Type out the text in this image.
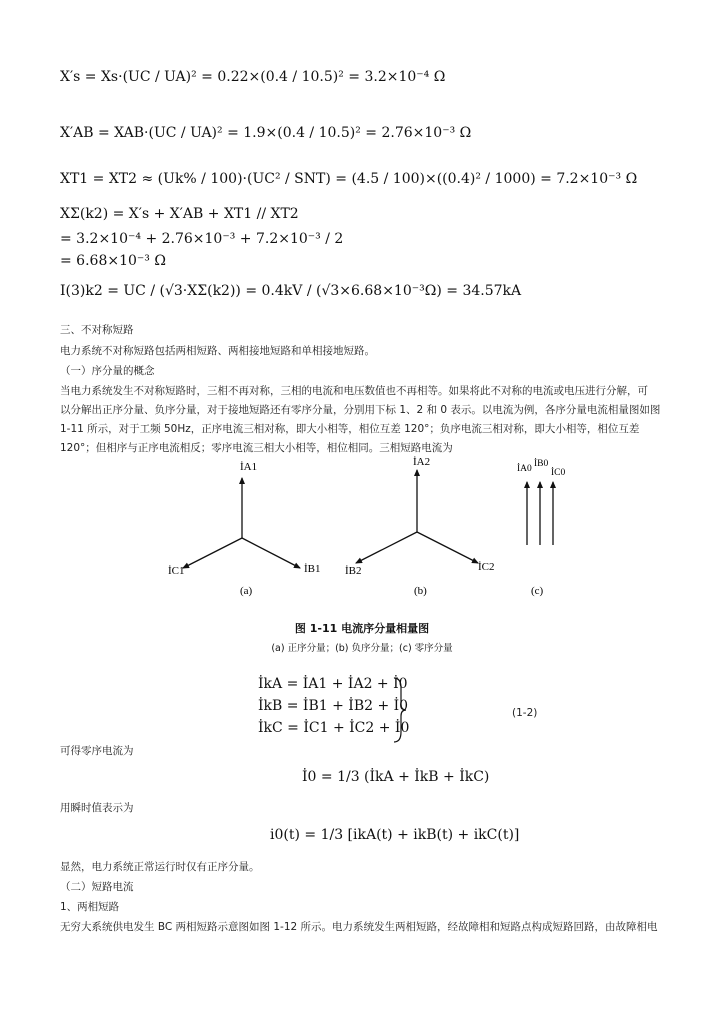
X′s = Xs·(UC / UA)² = 0.22×(0.4 / 10.5)² = 3.2×10⁻⁴ Ω
X′AB = XAB·(UC / UA)² = 1.9×(0.4 / 10.5)² = 2.76×10⁻³ Ω
XT1 = XT2 ≈ (Uk% / 100)·(UC² / SNT) = (4.5 / 100)×((0.4)² / 1000) = 7.2×10⁻³ Ω
XΣ(k2) = X′s + X′AB + XT1 // XT2
= 3.2×10⁻⁴ + 2.76×10⁻³ + 7.2×10⁻³ / 2
= 6.68×10⁻³ Ω
I(3)k2 = UC / (√3·XΣ(k2)) = 0.4kV / (√3×6.68×10⁻³Ω) = 34.57kA
三、不对称短路
电力系统不对称短路包括两相短路、两相接地短路和单相接地短路。
（一）序分量的概念
当电力系统发生不对称短路时，三相不再对称，三相的电流和电压数值也不再相等。如果将此不对称的电流或电压进行分解，可
以分解出正序分量、负序分量，对于接地短路还有零序分量，分别用下标 1、2 和 0 表示。以电流为例，各序分量电流相量图如图
1-11 所示，对于工频 50Hz，正序电流三相对称，即大小相等，相位互差 120°；负序电流三相对称，即大小相等，相位互差
120°；但相序与正序电流相反；零序电流三相大小相等，相位相同。三相短路电流为
İA1
İC1	İB1
(a)
İA2
İB2	İC2
(b)
İA0 İB0
İC0
(c)
图 1-11 电流序分量相量图
(a) 正序分量；(b) 负序分量；(c) 零序分量
İkA = İA1 + İA2 + İ0
İkB = İB1 + İB2 + İ0
İkC = İC1 + İC2 + İ0
(1-2)
可得零序电流为
İ0 = 1/3 (İkA + İkB + İkC)
用瞬时值表示为
i0(t) = 1/3 [ikA(t) + ikB(t) + ikC(t)]
显然，电力系统正常运行时仅有正序分量。
（二）短路电流
1、两相短路
无穷大系统供电发生 BC 两相短路示意图如图 1-12 所示。电力系统发生两相短路，经故障相和短路点构成短路回路，由故障相电
